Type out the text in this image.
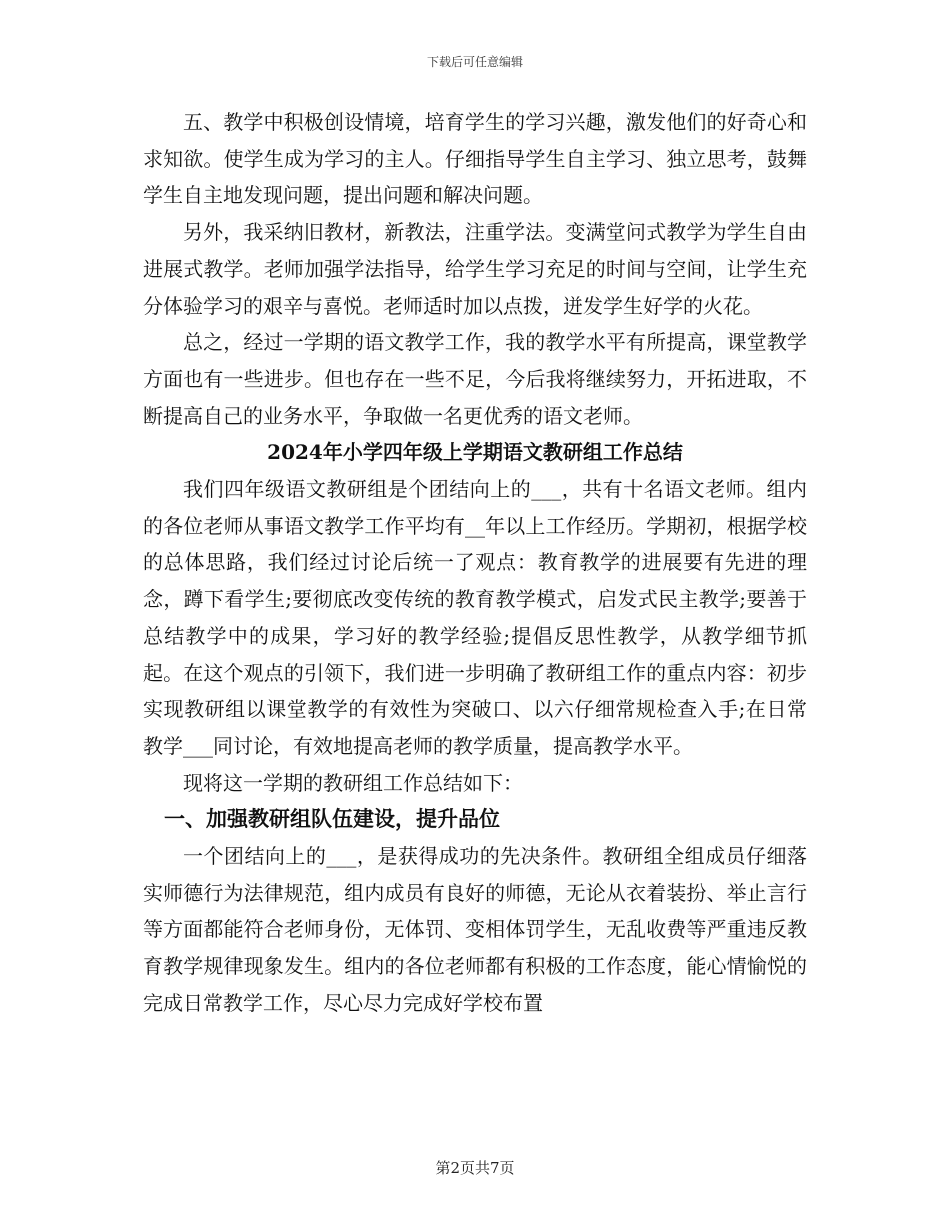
下载后可任意编辑

五、教学中积极创设情境，培育学生的学习兴趣，激发他们的好奇心和求知欲。使学生成为学习的主人。仔细指导学生自主学习、独立思考，鼓舞学生自主地发现问题，提出问题和解决问题。

另外，我采纳旧教材，新教法，注重学法。变满堂问式教学为学生自由进展式教学。老师加强学法指导，给学生学习充足的时间与空间，让学生充分体验学习的艰辛与喜悦。老师适时加以点拨，迸发学生好学的火花。

总之，经过一学期的语文教学工作，我的教学水平有所提高，课堂教学方面也有一些进步。但也存在一些不足，今后我将继续努力，开拓进取，不断提高自己的业务水平，争取做一名更优秀的语文老师。

2024年小学四年级上学期语文教研组工作总结

我们四年级语文教研组是个团结向上的___，共有十名语文老师。组内的各位老师从事语文教学工作平均有__年以上工作经历。学期初，根据学校的总体思路，我们经过讨论后统一了观点：教育教学的进展要有先进的理念，蹲下看学生;要彻底改变传统的教育教学模式，启发式民主教学;要善于总结教学中的成果，学习好的教学经验;提倡反思性教学，从教学细节抓起。在这个观点的引领下，我们进一步明确了教研组工作的重点内容：初步实现教研组以课堂教学的有效性为突破口、以六仔细常规检查入手;在日常教学___同讨论，有效地提高老师的教学质量，提高教学水平。

现将这一学期的教研组工作总结如下：

一、加强教研组队伍建设，提升品位

一个团结向上的___，是获得成功的先决条件。教研组全组成员仔细落实师德行为法律规范，组内成员有良好的师德，无论从衣着装扮、举止言行等方面都能符合老师身份，无体罚、变相体罚学生，无乱收费等严重违反教育教学规律现象发生。组内的各位老师都有积极的工作态度，能心情愉悦的完成日常教学工作，尽心尽力完成好学校布置

第2页共7页
